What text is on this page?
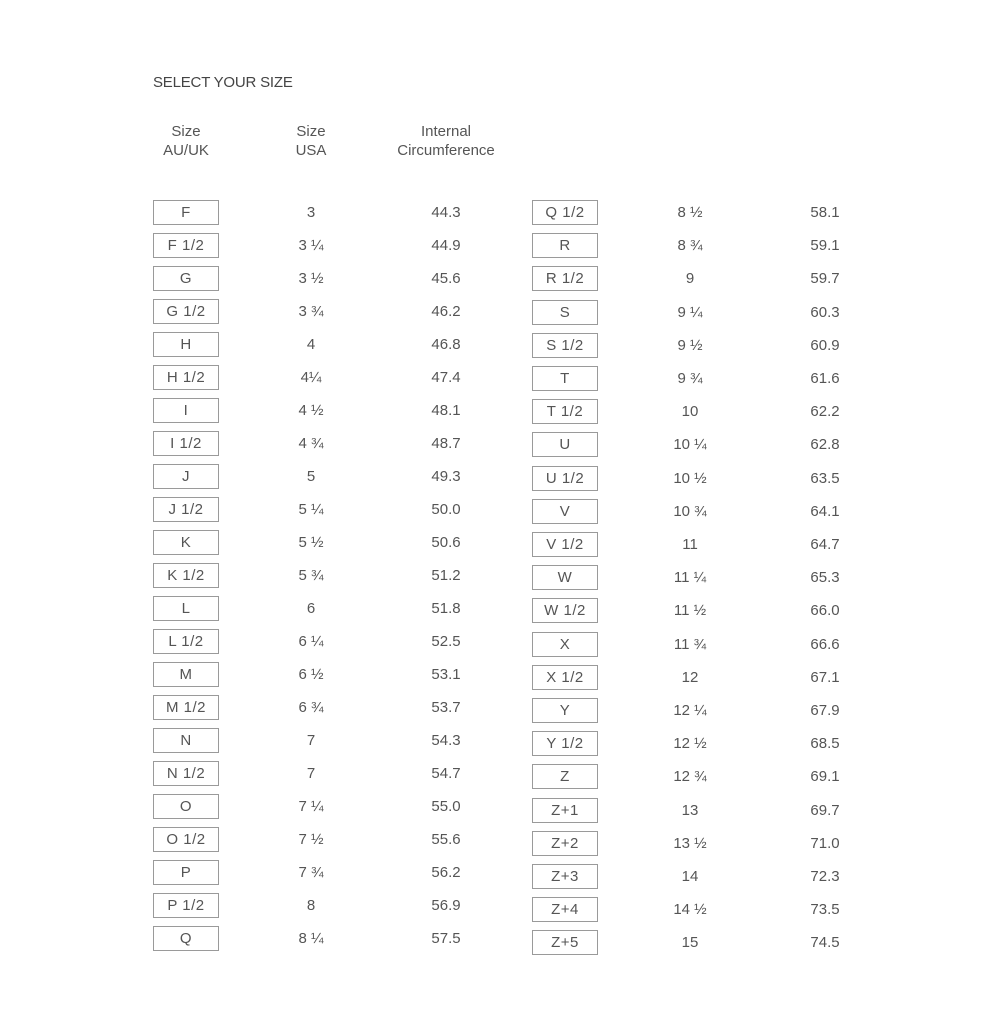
SELECT YOUR SIZE
Size
AU/UK
Size
USA
Internal
Circumference
F	3	44.3
F 1/2	3 ¼	44.9
G	3 ½	45.6
G 1/2	3 ¾	46.2
H	4	46.8
H 1/2	4¼	47.4
I	4 ½	48.1
I 1/2	4 ¾	48.7
J	5	49.3
J 1/2	5 ¼	50.0
K	5 ½	50.6
K 1/2	5 ¾	51.2
L	6	51.8
L 1/2	6 ¼	52.5
M	6 ½	53.1
M 1/2	6 ¾	53.7
N	7	54.3
N 1/2	7	54.7
O	7 ¼	55.0
O 1/2	7 ½	55.6
P	7 ¾	56.2
P 1/2	8	56.9
Q	8 ¼	57.5
Q 1/2	8 ½	58.1
R	8 ¾	59.1
R 1/2	9	59.7
S	9 ¼	60.3
S 1/2	9 ½	60.9
T	9 ¾	61.6
T 1/2	10	62.2
U	10 ¼	62.8
U 1/2	10 ½	63.5
V	10 ¾	64.1
V 1/2	11	64.7
W	11 ¼	65.3
W 1/2	11 ½	66.0
X	11 ¾	66.6
X 1/2	12	67.1
Y	12 ¼	67.9
Y 1/2	12 ½	68.5
Z	12 ¾	69.1
Z+1	13	69.7
Z+2	13 ½	71.0
Z+3	14	72.3
Z+4	14 ½	73.5
Z+5	15	74.5
